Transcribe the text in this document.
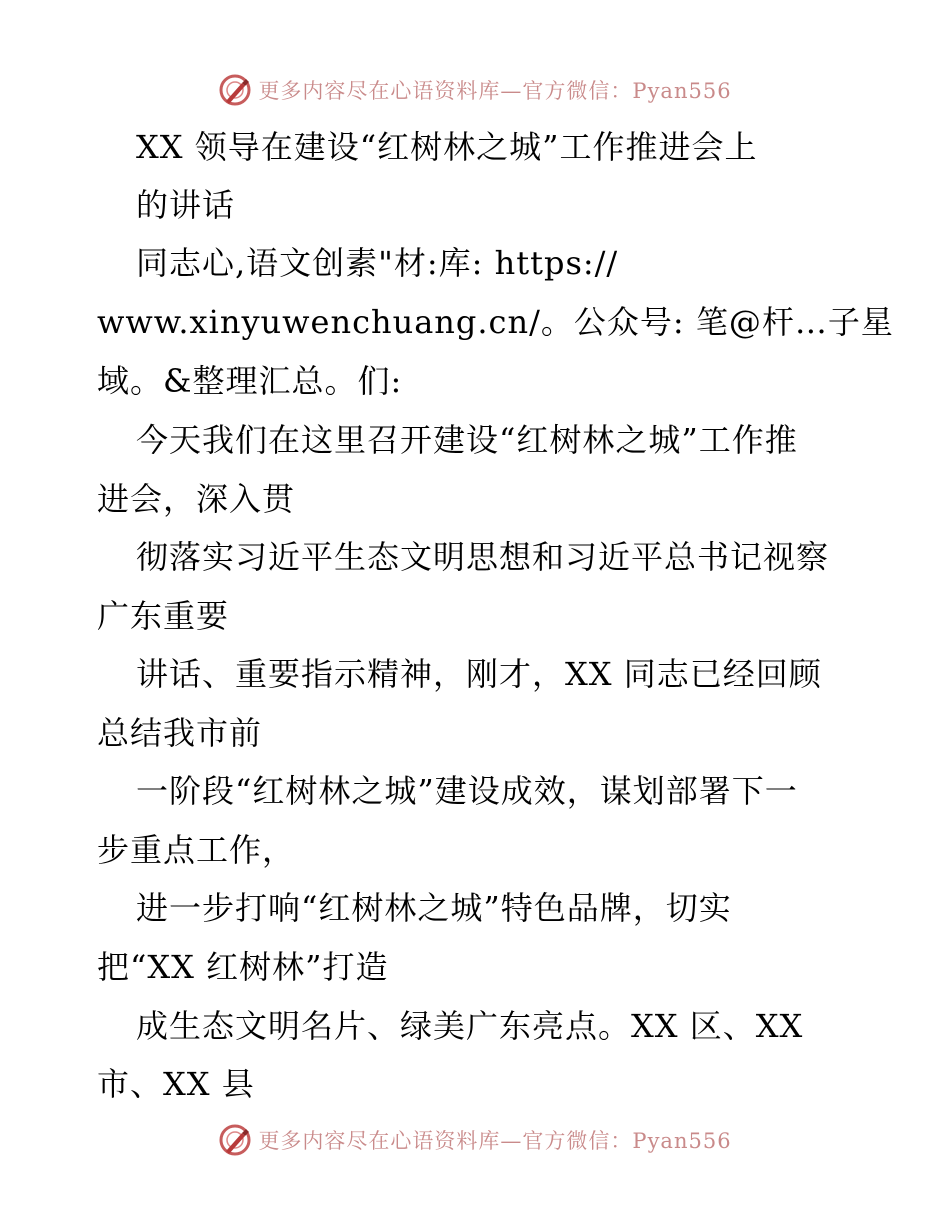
更多内容尽在心语资料库—官方微信：Pyan556
XX 领导在建设“红树林之城”工作推进会上
的讲话
同志心,语文创素"材:库: https://
www.xinyuwenchuang.cn/。公众号: 笔@杆…子星
域。&整理汇总。们:
今天我们在这里召开建设“红树林之城”工作推
进会，深入贯
彻落实习近平生态文明思想和习近平总书记视察
广东重要
讲话、重要指示精神，刚才，XX 同志已经回顾
总结我市前
一阶段“红树林之城”建设成效，谋划部署下一
步重点工作，
进一步打响“红树林之城”特色品牌，切实
把“XX 红树林”打造
成生态文明名片、绿美广东亮点。XX 区、XX
市、XX 县
更多内容尽在心语资料库—官方微信：Pyan556
